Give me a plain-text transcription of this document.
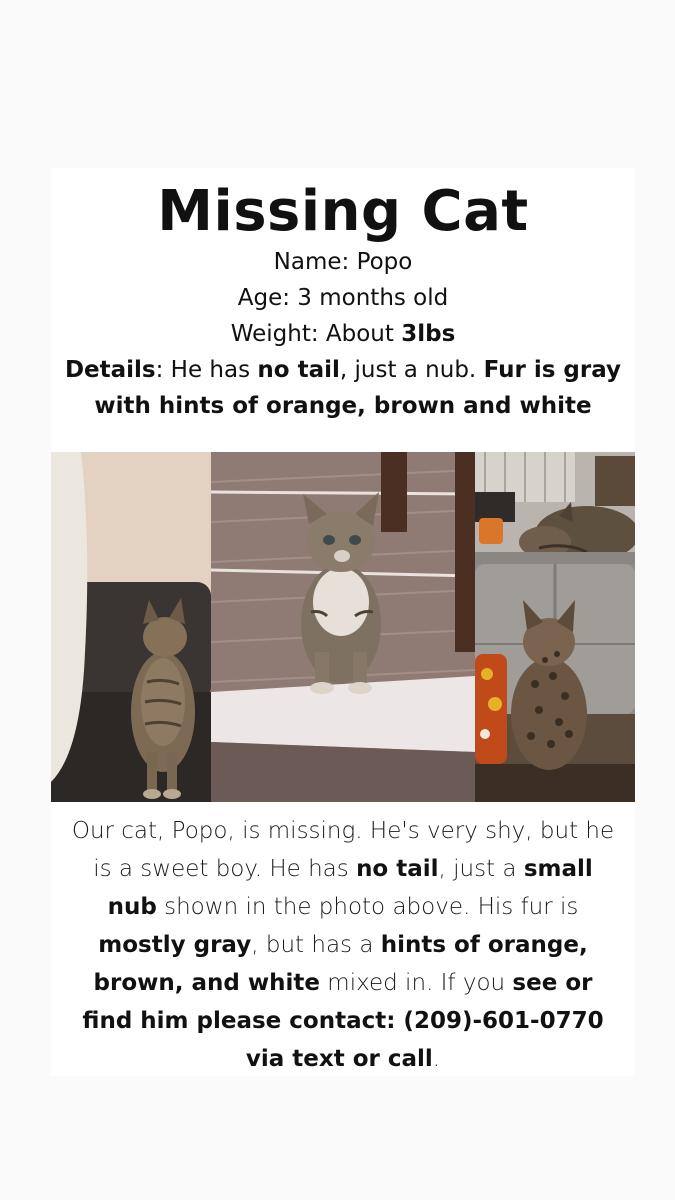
Missing Cat
Name: Popo
Age: 3 months old
Weight: About 3lbs
Details: He has no tail, just a nub. Fur is gray with hints of orange, brown and white
Our cat, Popo, is missing. He's very shy, but he is a sweet boy. He has no tail, just a small nub shown in the photo above. His fur is mostly gray, but has a hints of orange, brown, and white mixed in. If you see or find him please contact: (209)-601-0770 via text or call.
